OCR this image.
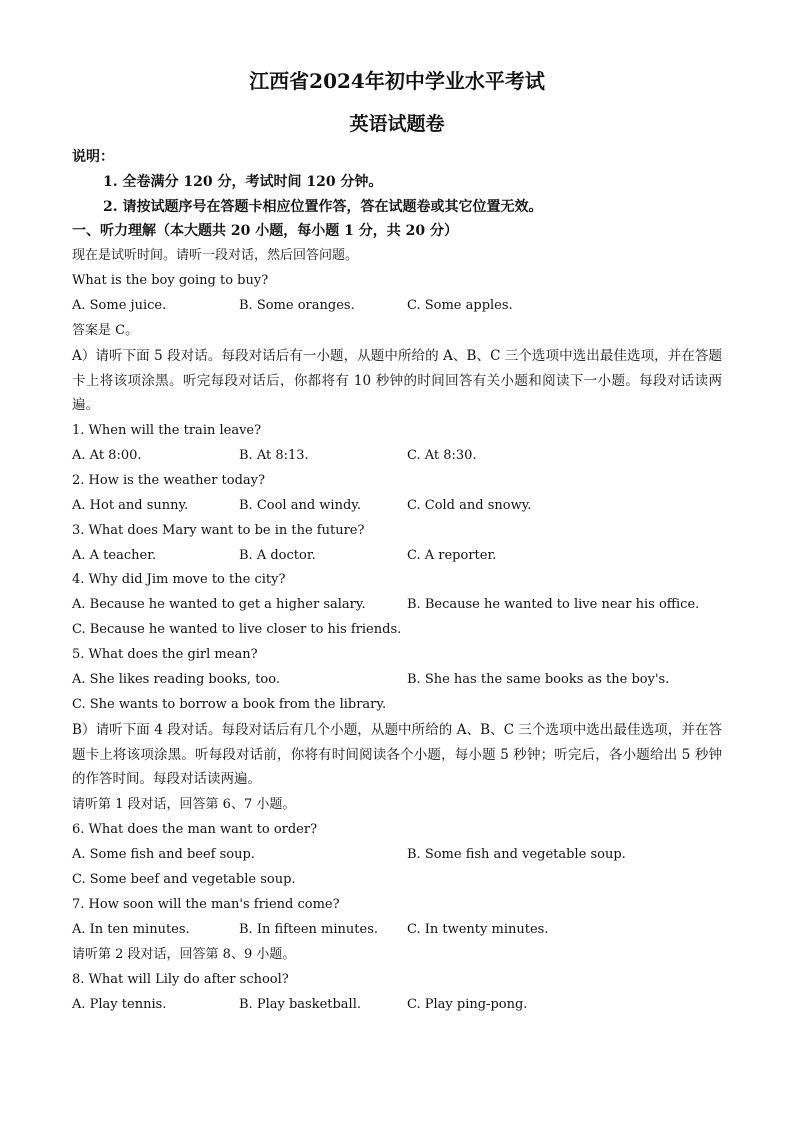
江西省2024年初中学业水平考试
英语试题卷
说明：
1. 全卷满分 120 分，考试时间 120 分钟。
2. 请按试题序号在答题卡相应位置作答，答在试题卷或其它位置无效。
一、听力理解（本大题共 20 小题，每小题 1 分，共 20 分）
现在是试听时间。请听一段对话，然后回答问题。
What is the boy going to buy?
A. Some juice.	B. Some oranges.	C. Some apples.
答案是 C。
A）请听下面 5 段对话。每段对话后有一小题，从题中所给的 A、B、C 三个选项中选出最佳选项，并在答题卡上将该项涂黑。听完每段对话后，你都将有 10 秒钟的时间回答有关小题和阅读下一小题。每段对话读两遍。
1. When will the train leave?
A. At 8:00.	B. At 8:13.	C. At 8:30.
2. How is the weather today?
A. Hot and sunny.	B. Cool and windy.	C. Cold and snowy.
3. What does Mary want to be in the future?
A. A teacher.	B. A doctor.	C. A reporter.
4. Why did Jim move to the city?
A. Because he wanted to get a higher salary.	B. Because he wanted to live near his office.
C. Because he wanted to live closer to his friends.
5. What does the girl mean?
A. She likes reading books, too.	B. She has the same books as the boy's.
C. She wants to borrow a book from the library.
B）请听下面 4 段对话。每段对话后有几个小题，从题中所给的 A、B、C 三个选项中选出最佳选项，并在答题卡上将该项涂黑。听每段对话前，你将有时间阅读各个小题，每小题 5 秒钟；听完后，各小题给出 5 秒钟的作答时间。每段对话读两遍。
请听第 1 段对话，回答第 6、7 小题。
6. What does the man want to order?
A. Some fish and beef soup.	B. Some fish and vegetable soup.
C. Some beef and vegetable soup.
7. How soon will the man's friend come?
A. In ten minutes.	B. In fifteen minutes. C. In twenty minutes.
请听第 2 段对话，回答第 8、9 小题。
8. What will Lily do after school?
A. Play tennis.	B. Play basketball.	C. Play ping-pong.
